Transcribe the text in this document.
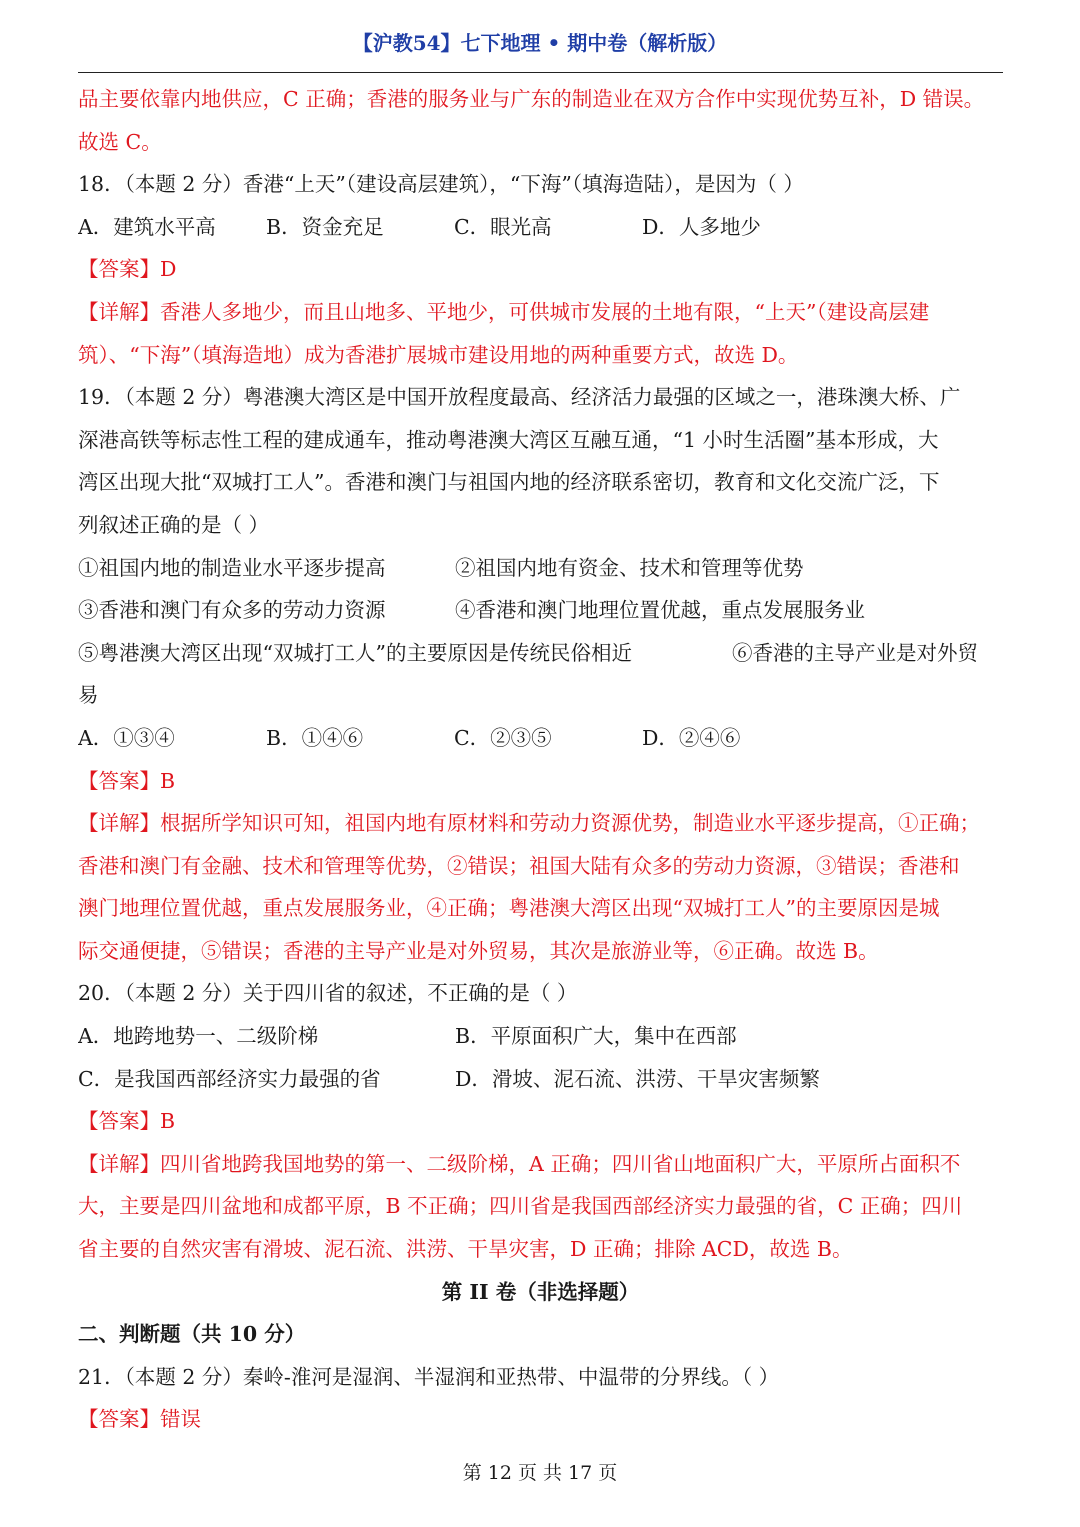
【沪教54】七下地理 • 期中卷（解析版）
品主要依靠内地供应，C 正确；香港的服务业与广东的制造业在双方合作中实现优势互补，D 错误。
故选 C。
18．（本题 2 分）香港“上天”（建设高层建筑），“下海”（填海造陆），是因为（ ）
A．建筑水平高	B．资金充足	C．眼光高	D．人多地少
【答案】D
【详解】香港人多地少，而且山地多、平地少，可供城市发展的土地有限，“上天”（建设高层建
筑）、“下海”（填海造地）成为香港扩展城市建设用地的两种重要方式，故选 D。
19．（本题 2 分）粤港澳大湾区是中国开放程度最高、经济活力最强的区域之一，港珠澳大桥、广
深港高铁等标志性工程的建成通车，推动粤港澳大湾区互融互通，“1 小时生活圈”基本形成，大
湾区出现大批“双城打工人”。香港和澳门与祖国内地的经济联系密切，教育和文化交流广泛，下
列叙述正确的是（ ）
①祖国内地的制造业水平逐步提高	②祖国内地有资金、技术和管理等优势
③香港和澳门有众多的劳动力资源	④香港和澳门地理位置优越，重点发展服务业
⑤粤港澳大湾区出现“双城打工人”的主要原因是传统民俗相近	⑥香港的主导产业是对外贸
易
A．①③④	B．①④⑥	C．②③⑤	D．②④⑥
【答案】B
【详解】根据所学知识可知，祖国内地有原材料和劳动力资源优势，制造业水平逐步提高，①正确；
香港和澳门有金融、技术和管理等优势，②错误；祖国大陆有众多的劳动力资源，③错误；香港和
澳门地理位置优越，重点发展服务业，④正确；粤港澳大湾区出现“双城打工人”的主要原因是城
际交通便捷，⑤错误；香港的主导产业是对外贸易，其次是旅游业等，⑥正确。故选 B。
20．（本题 2 分）关于四川省的叙述，不正确的是（ ）
A．地跨地势一、二级阶梯	B．平原面积广大，集中在西部
C．是我国西部经济实力最强的省	D．滑坡、泥石流、洪涝、干旱灾害频繁
【答案】B
【详解】四川省地跨我国地势的第一、二级阶梯，A 正确；四川省山地面积广大，平原所占面积不
大，主要是四川盆地和成都平原，B 不正确；四川省是我国西部经济实力最强的省，C 正确；四川
省主要的自然灾害有滑坡、泥石流、洪涝、干旱灾害，D 正确；排除 ACD，故选 B。
第 II 卷（非选择题）
二、判断题（共 10 分）
21．（本题 2 分）秦岭-淮河是湿润、半湿润和亚热带、中温带的分界线。（ ）
【答案】错误
第 12 页 共 17 页
